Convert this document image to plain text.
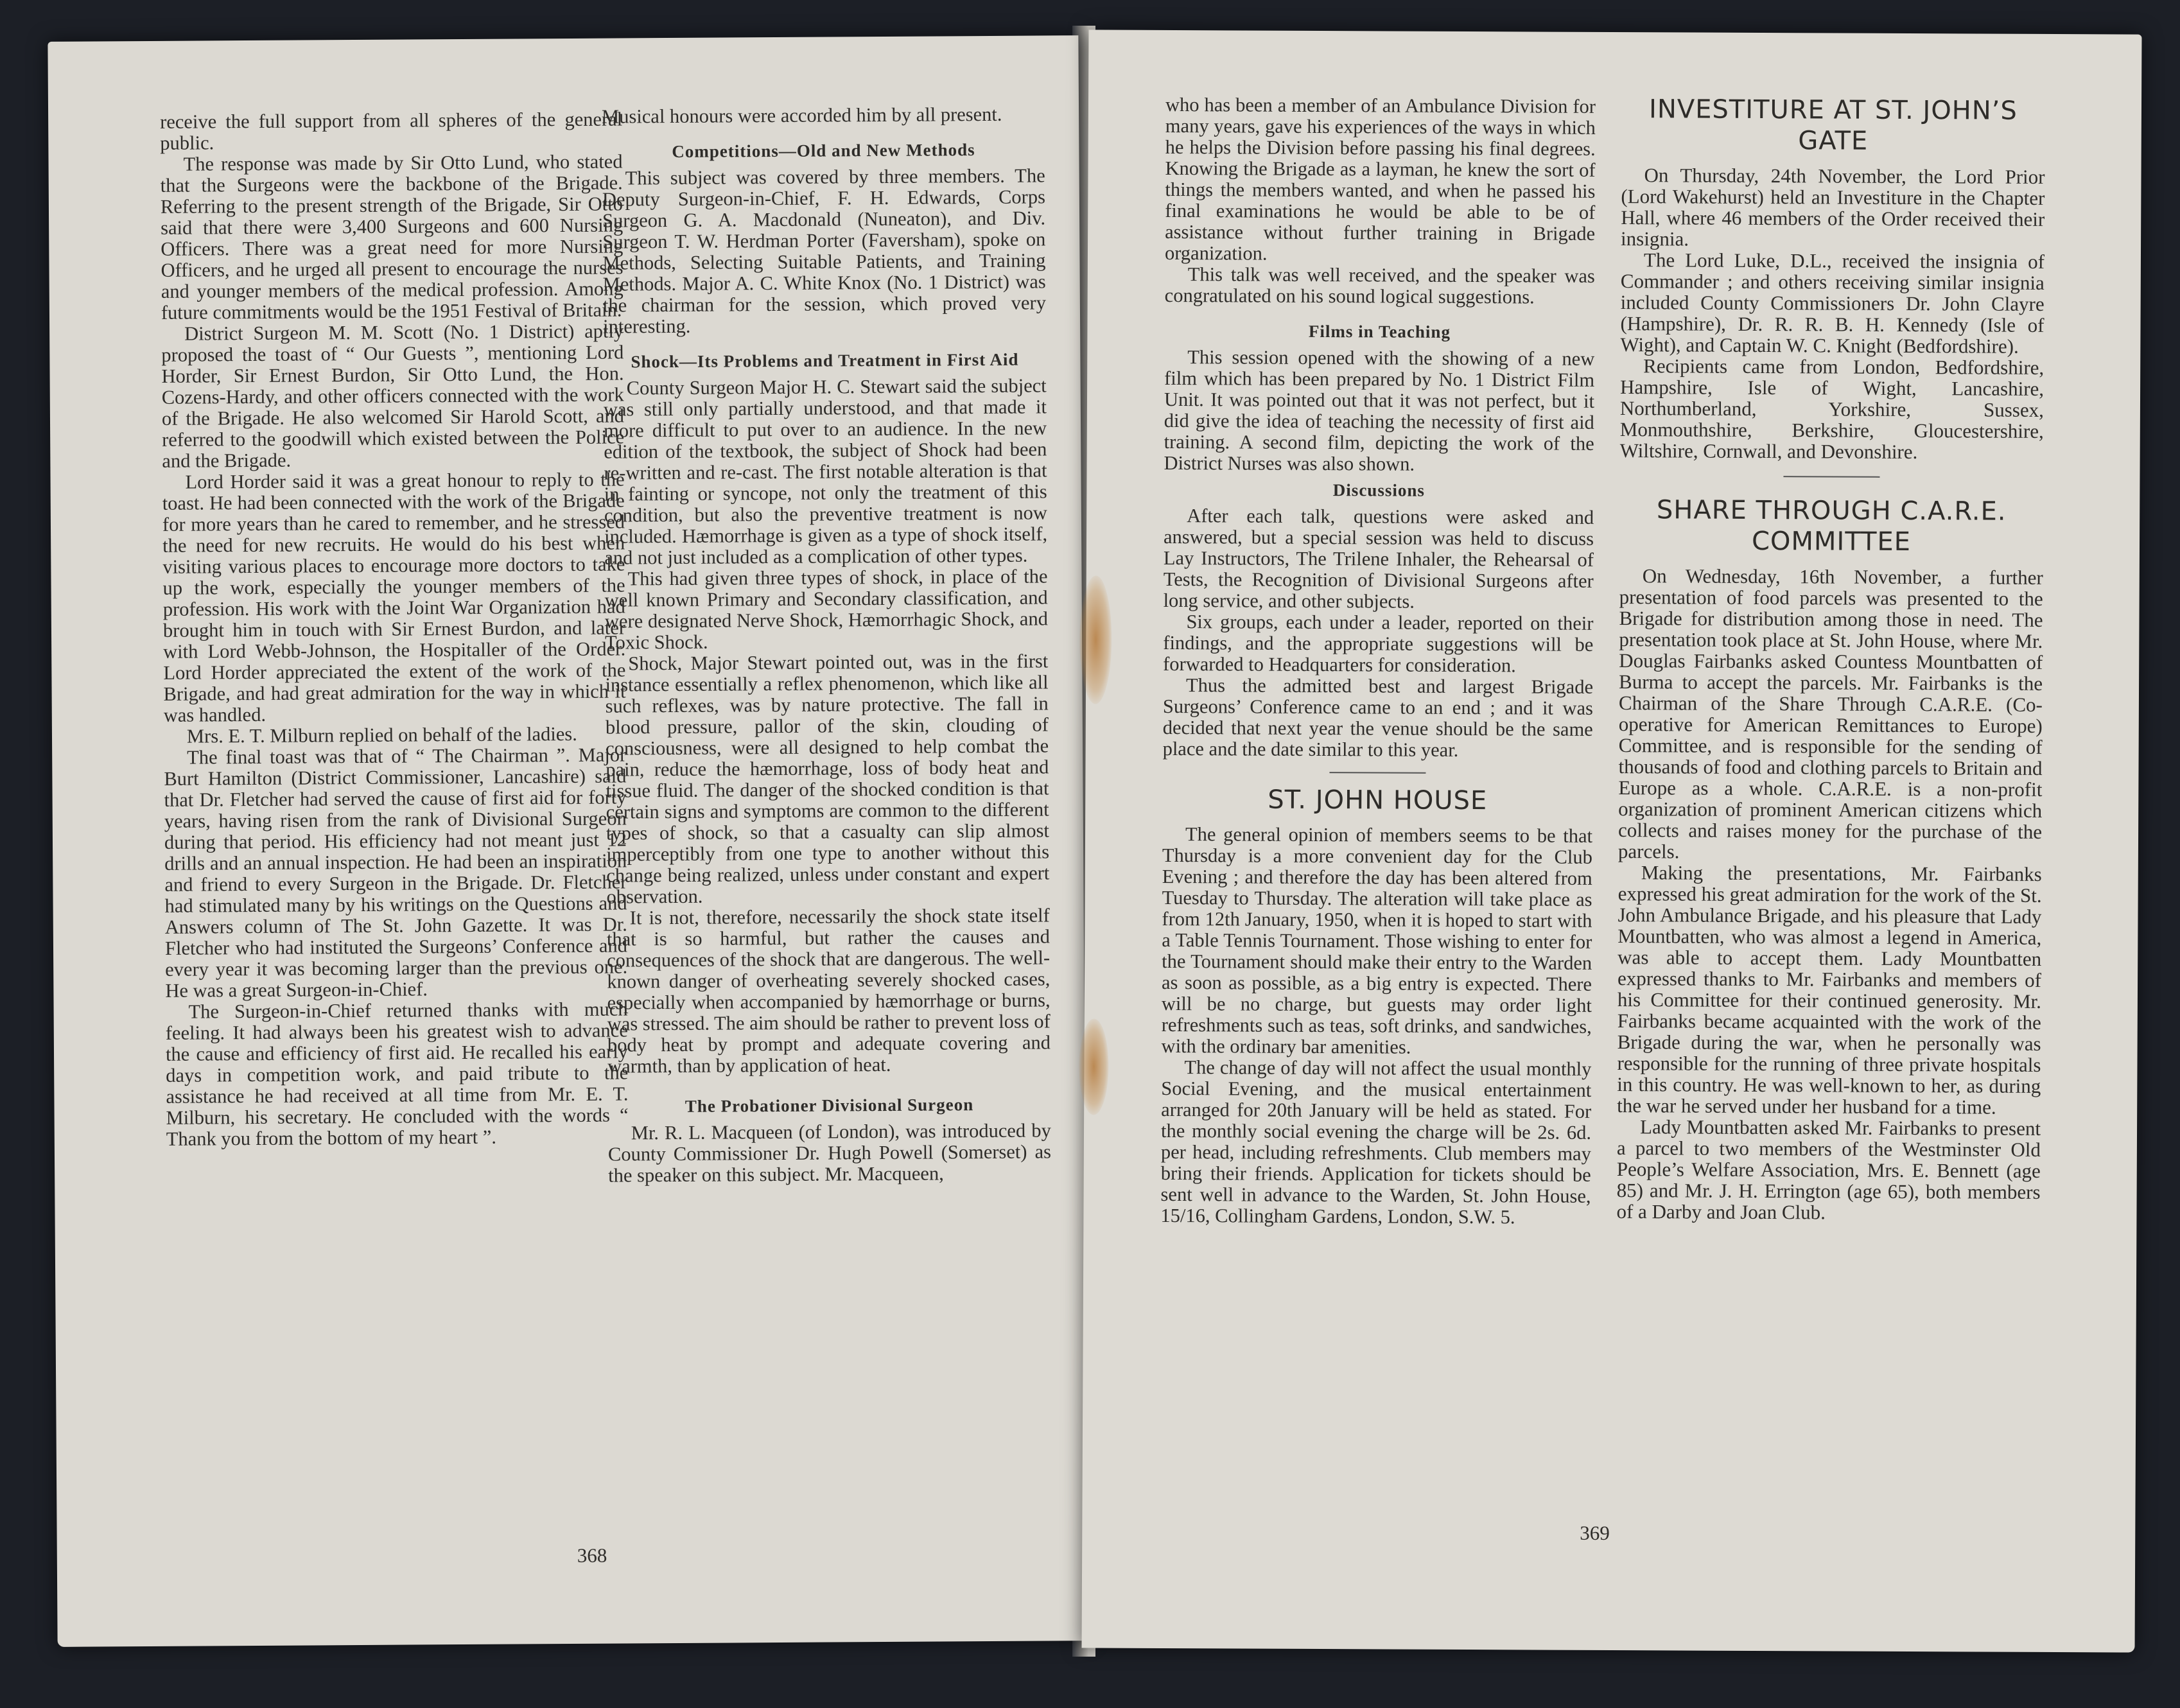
receive the full support from all spheres of the general public.

The response was made by Sir Otto Lund, who stated that the Surgeons were the backbone of the Brigade. Referring to the present strength of the Brigade, Sir Otto said that there were 3,400 Surgeons and 600 Nursing Officers. There was a great need for more Nursing Officers, and he urged all present to encourage the nurses and younger members of the medical profession. Among future commitments would be the 1951 Festival of Britain.

District Surgeon M. M. Scott (No. 1 District) aptly proposed the toast of “ Our Guests ”, mentioning Lord Horder, Sir Ernest Burdon, Sir Otto Lund, the Hon. Cozens-Hardy, and other officers connected with the work of the Brigade. He also welcomed Sir Harold Scott, and referred to the goodwill which existed between the Police and the Brigade.

Lord Horder said it was a great honour to reply to the toast. He had been connected with the work of the Brigade for more years than he cared to remember, and he stressed the need for new recruits. He would do his best when visiting various places to encourage more doctors to take up the work, especially the younger members of the profession. His work with the Joint War Organization had brought him in touch with Sir Ernest Burdon, and later with Lord Webb-Johnson, the Hospitaller of the Order. Lord Horder appreciated the extent of the work of the Brigade, and had great admiration for the way in which it was handled.

Mrs. E. T. Milburn replied on behalf of the ladies.

The final toast was that of “ The Chairman ”. Major Burt Hamilton (District Commissioner, Lancashire) said that Dr. Fletcher had served the cause of first aid for forty years, having risen from the rank of Divisional Surgeon during that period. His efficiency had not meant just 12 drills and an annual inspection. He had been an inspiration and friend to every Surgeon in the Brigade. Dr. Fletcher had stimulated many by his writings on the Questions and Answers column of The St. John Gazette. It was Dr. Fletcher who had instituted the Surgeons’ Conference and every year it was becoming larger than the previous one. He was a great Surgeon-in-Chief.

The Surgeon-in-Chief returned thanks with much feeling. It had always been his greatest wish to advance the cause and efficiency of first aid. He recalled his early days in competition work, and paid tribute to the assistance he had received at all time from Mr. E. T. Milburn, his secretary. He concluded with the words “ Thank you from the bottom of my heart ”.

Musical honours were accorded him by all present.

Competitions—Old and New Methods

This subject was covered by three members. The Deputy Surgeon-in-Chief, F. H. Edwards, Corps Surgeon G. A. Macdonald (Nuneaton), and Div. Surgeon T. W. Herdman Porter (Faversham), spoke on Methods, Selecting Suitable Patients, and Training Methods. Major A. C. White Knox (No. 1 District) was the chairman for the session, which proved very interesting.

Shock—Its Problems and Treatment in First Aid

County Surgeon Major H. C. Stewart said the subject was still only partially understood, and that made it more difficult to put over to an audience. In the new edition of the textbook, the subject of Shock had been re-written and re-cast. The first notable alteration is that in fainting or syncope, not only the treatment of this condition, but also the preventive treatment is now included. Hæmorrhage is given as a type of shock itself, and not just included as a complication of other types.

This had given three types of shock, in place of the well known Primary and Secondary classification, and were designated Nerve Shock, Hæmorrhagic Shock, and Toxic Shock.

Shock, Major Stewart pointed out, was in the first instance essentially a reflex phenomenon, which like all such reflexes, was by nature protective. The fall in blood pressure, pallor of the skin, clouding of consciousness, were all designed to help combat the pain, reduce the hæmorrhage, loss of body heat and tissue fluid. The danger of the shocked condition is that certain signs and symptoms are common to the different types of shock, so that a casualty can slip almost imperceptibly from one type to another without this change being realized, unless under constant and expert observation.

It is not, therefore, necessarily the shock state itself that is so harmful, but rather the causes and consequences of the shock that are dangerous. The well-known danger of overheating severely shocked cases, especially when accompanied by hæmorrhage or burns, was stressed. The aim should be rather to prevent loss of body heat by prompt and adequate covering and warmth, than by application of heat.

The Probationer Divisional Surgeon

Mr. R. L. Macqueen (of London), was introduced by County Commissioner Dr. Hugh Powell (Somerset) as the speaker on this subject. Mr. Macqueen,

368

who has been a member of an Ambulance Division for many years, gave his experiences of the ways in which he helps the Division before passing his final degrees. Knowing the Brigade as a layman, he knew the sort of things the members wanted, and when he passed his final examinations he would be able to be of assistance without further training in Brigade organization.

This talk was well received, and the speaker was congratulated on his sound logical suggestions.

Films in Teaching

This session opened with the showing of a new film which has been prepared by No. 1 District Film Unit. It was pointed out that it was not perfect, but it did give the idea of teaching the necessity of first aid training. A second film, depicting the work of the District Nurses was also shown.

Discussions

After each talk, questions were asked and answered, but a special session was held to discuss Lay Instructors, The Trilene Inhaler, the Rehearsal of Tests, the Recognition of Divisional Surgeons after long service, and other subjects.

Six groups, each under a leader, reported on their findings, and the appropriate suggestions will be forwarded to Headquarters for consideration.

Thus the admitted best and largest Brigade Surgeons’ Conference came to an end ; and it was decided that next year the venue should be the same place and the date similar to this year.

ST. JOHN HOUSE

The general opinion of members seems to be that Thursday is a more convenient day for the Club Evening ; and therefore the day has been altered from Tuesday to Thursday. The alteration will take place as from 12th January, 1950, when it is hoped to start with a Table Tennis Tournament. Those wishing to enter for the Tournament should make their entry to the Warden as soon as possible, as a big entry is expected. There will be no charge, but guests may order light refreshments such as teas, soft drinks, and sandwiches, with the ordinary bar amenities.

The change of day will not affect the usual monthly Social Evening, and the musical entertainment arranged for 20th January will be held as stated. For the monthly social evening the charge will be 2s. 6d. per head, including refreshments. Club members may bring their friends. Application for tickets should be sent well in advance to the Warden, St. John House, 15/16, Collingham Gardens, London, S.W. 5.

INVESTITURE AT ST. JOHN’S GATE

On Thursday, 24th November, the Lord Prior (Lord Wakehurst) held an Investiture in the Chapter Hall, where 46 members of the Order received their insignia.

The Lord Luke, D.L., received the insignia of Commander ; and others receiving similar insignia included County Commissioners Dr. John Clayre (Hampshire), Dr. R. R. B. H. Kennedy (Isle of Wight), and Captain W. C. Knight (Bedfordshire).

Recipients came from London, Bedfordshire, Hampshire, Isle of Wight, Lancashire, Northumberland, Yorkshire, Sussex, Monmouthshire, Berkshire, Gloucestershire, Wiltshire, Cornwall, and Devonshire.

SHARE THROUGH C.A.R.E. COMMITTEE

On Wednesday, 16th November, a further presentation of food parcels was presented to the Brigade for distribution among those in need. The presentation took place at St. John House, where Mr. Douglas Fairbanks asked Countess Mountbatten of Burma to accept the parcels. Mr. Fairbanks is the Chairman of the Share Through C.A.R.E. (Co-operative for American Remittances to Europe) Committee, and is responsible for the sending of thousands of food and clothing parcels to Britain and Europe as a whole. C.A.R.E. is a non-profit organization of prominent American citizens which collects and raises money for the purchase of the parcels.

Making the presentations, Mr. Fairbanks expressed his great admiration for the work of the St. John Ambulance Brigade, and his pleasure that Lady Mountbatten, who was almost a legend in America, was able to accept them. Lady Mountbatten expressed thanks to Mr. Fairbanks and members of his Committee for their continued generosity. Mr. Fairbanks became acquainted with the work of the Brigade during the war, when he personally was responsible for the running of three private hospitals in this country. He was well-known to her, as during the war he served under her husband for a time.

Lady Mountbatten asked Mr. Fairbanks to present a parcel to two members of the Westminster Old People’s Welfare Association, Mrs. E. Bennett (age 85) and Mr. J. H. Errington (age 65), both members of a Darby and Joan Club.

369
